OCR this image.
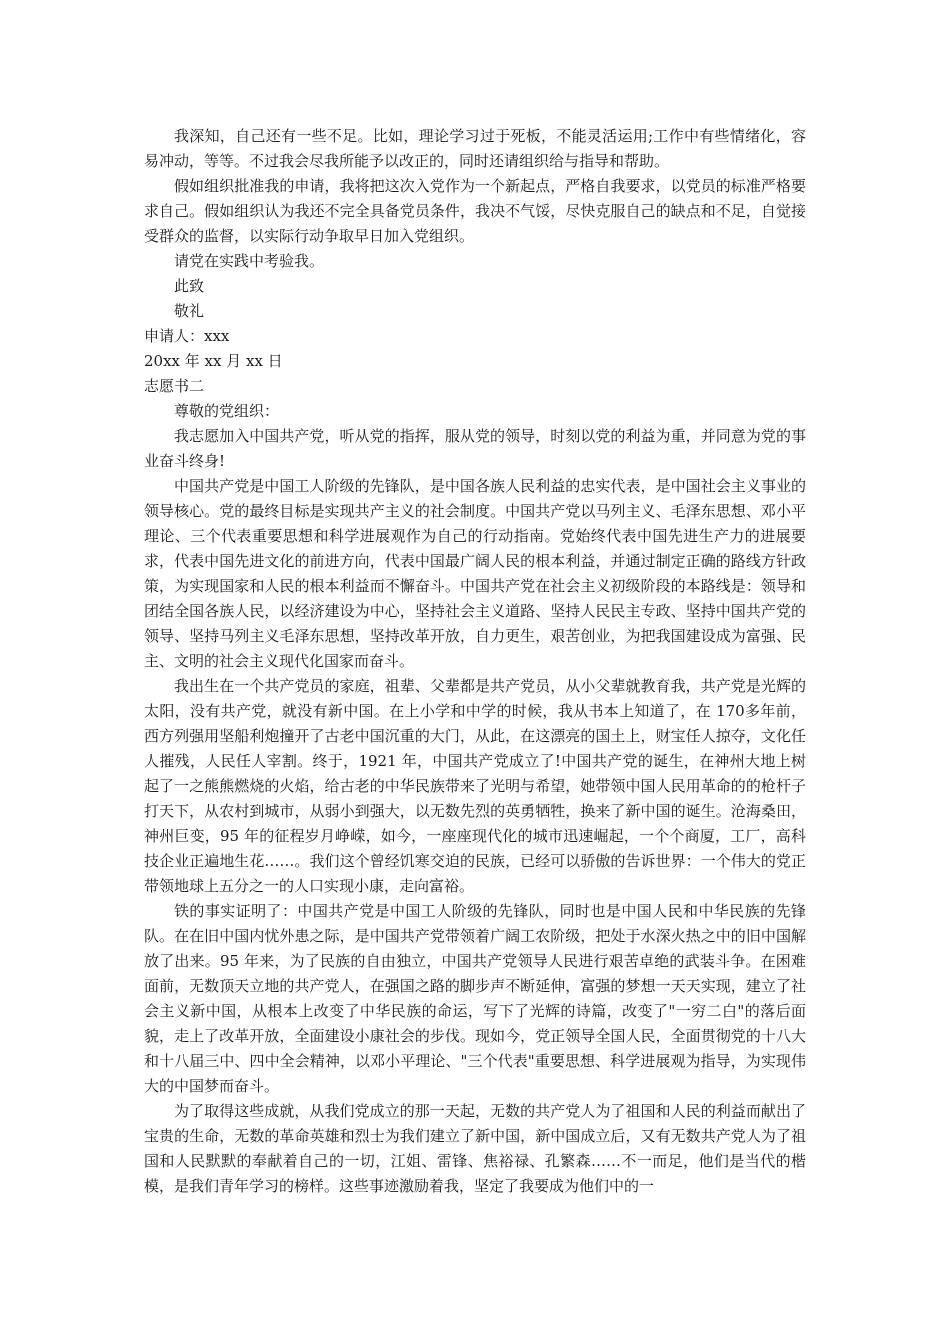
我深知，自己还有一些不足。比如，理论学习过于死板，不能灵活运用;工作中有些情绪化，容易冲动，等等。不过我会尽我所能予以改正的，同时还请组织给与指导和帮助。

假如组织批准我的申请，我将把这次入党作为一个新起点，严格自我要求，以党员的标准严格要求自己。假如组织认为我还不完全具备党员条件，我决不气馁，尽快克服自己的缺点和不足，自觉接受群众的监督，以实际行动争取早日加入党组织。

请党在实践中考验我。

此致

敬礼

申请人：xxx

20xx 年 xx 月 xx 日

志愿书二

尊敬的党组织：

我志愿加入中国共产党，听从党的指挥，服从党的领导，时刻以党的利益为重，并同意为党的事业奋斗终身!

中国共产党是中国工人阶级的先锋队，是中国各族人民利益的忠实代表，是中国社会主义事业的领导核心。党的最终目标是实现共产主义的社会制度。中国共产党以马列主义、毛泽东思想、邓小平理论、三个代表重要思想和科学进展观作为自己的行动指南。党始终代表中国先进生产力的进展要求，代表中国先进文化的前进方向，代表中国最广阔人民的根本利益，并通过制定正确的路线方针政策，为实现国家和人民的根本利益而不懈奋斗。中国共产党在社会主义初级阶段的本路线是：领导和团结全国各族人民，以经济建设为中心，坚持社会主义道路、坚持人民民主专政、坚持中国共产党的领导、坚持马列主义毛泽东思想，坚持改革开放，自力更生，艰苦创业，为把我国建设成为富强、民主、文明的社会主义现代化国家而奋斗。

我出生在一个共产党员的家庭，祖辈、父辈都是共产党员，从小父辈就教育我，共产党是光辉的太阳，没有共产党，就没有新中国。在上小学和中学的时候，我从书本上知道了，在 170多年前，西方列强用坚船利炮撞开了古老中国沉重的大门，从此，在这漂亮的国土上，财宝任人掠夺，文化任人摧残，人民任人宰割。终于，1921 年，中国共产党成立了!中国共产党的诞生，在神州大地上树起了一之熊熊燃烧的火焰，给古老的中华民族带来了光明与希望，她带领中国人民用革命的的枪杆子打天下，从农村到城市，从弱小到强大，以无数先烈的英勇牺牲，换来了新中国的诞生。沧海桑田，神州巨变，95 年的征程岁月峥嵘，如今，一座座现代化的城市迅速崛起，一个个商厦，工厂，高科技企业正遍地生花……。我们这个曾经饥寒交迫的民族，已经可以骄傲的告诉世界：一个伟大的党正带领地球上五分之一的人口实现小康，走向富裕。

铁的事实证明了：中国共产党是中国工人阶级的先锋队，同时也是中国人民和中华民族的先锋队。在在旧中国内忧外患之际，是中国共产党带领着广阔工农阶级，把处于水深火热之中的旧中国解放了出来。95 年来，为了民族的自由独立，中国共产党领导人民进行艰苦卓绝的武装斗争。在困难面前，无数顶天立地的共产党人，在强国之路的脚步声不断延伸，富强的梦想一天天实现，建立了社会主义新中国，从根本上改变了中华民族的命运，写下了光辉的诗篇，改变了"一穷二白"的落后面貌，走上了改革开放，全面建设小康社会的步伐。现如今，党正领导全国人民，全面贯彻党的十八大和十八届三中、四中全会精神，以邓小平理论、"三个代表"重要思想、科学进展观为指导，为实现伟大的中国梦而奋斗。

为了取得这些成就，从我们党成立的那一天起，无数的共产党人为了祖国和人民的利益而献出了宝贵的生命，无数的革命英雄和烈士为我们建立了新中国，新中国成立后，又有无数共产党人为了祖国和人民默默的奉献着自己的一切，江姐、雷锋、焦裕禄、孔繁森……不一而足，他们是当代的楷模，是我们青年学习的榜样。这些事迹激励着我，坚定了我要成为他们中的一
